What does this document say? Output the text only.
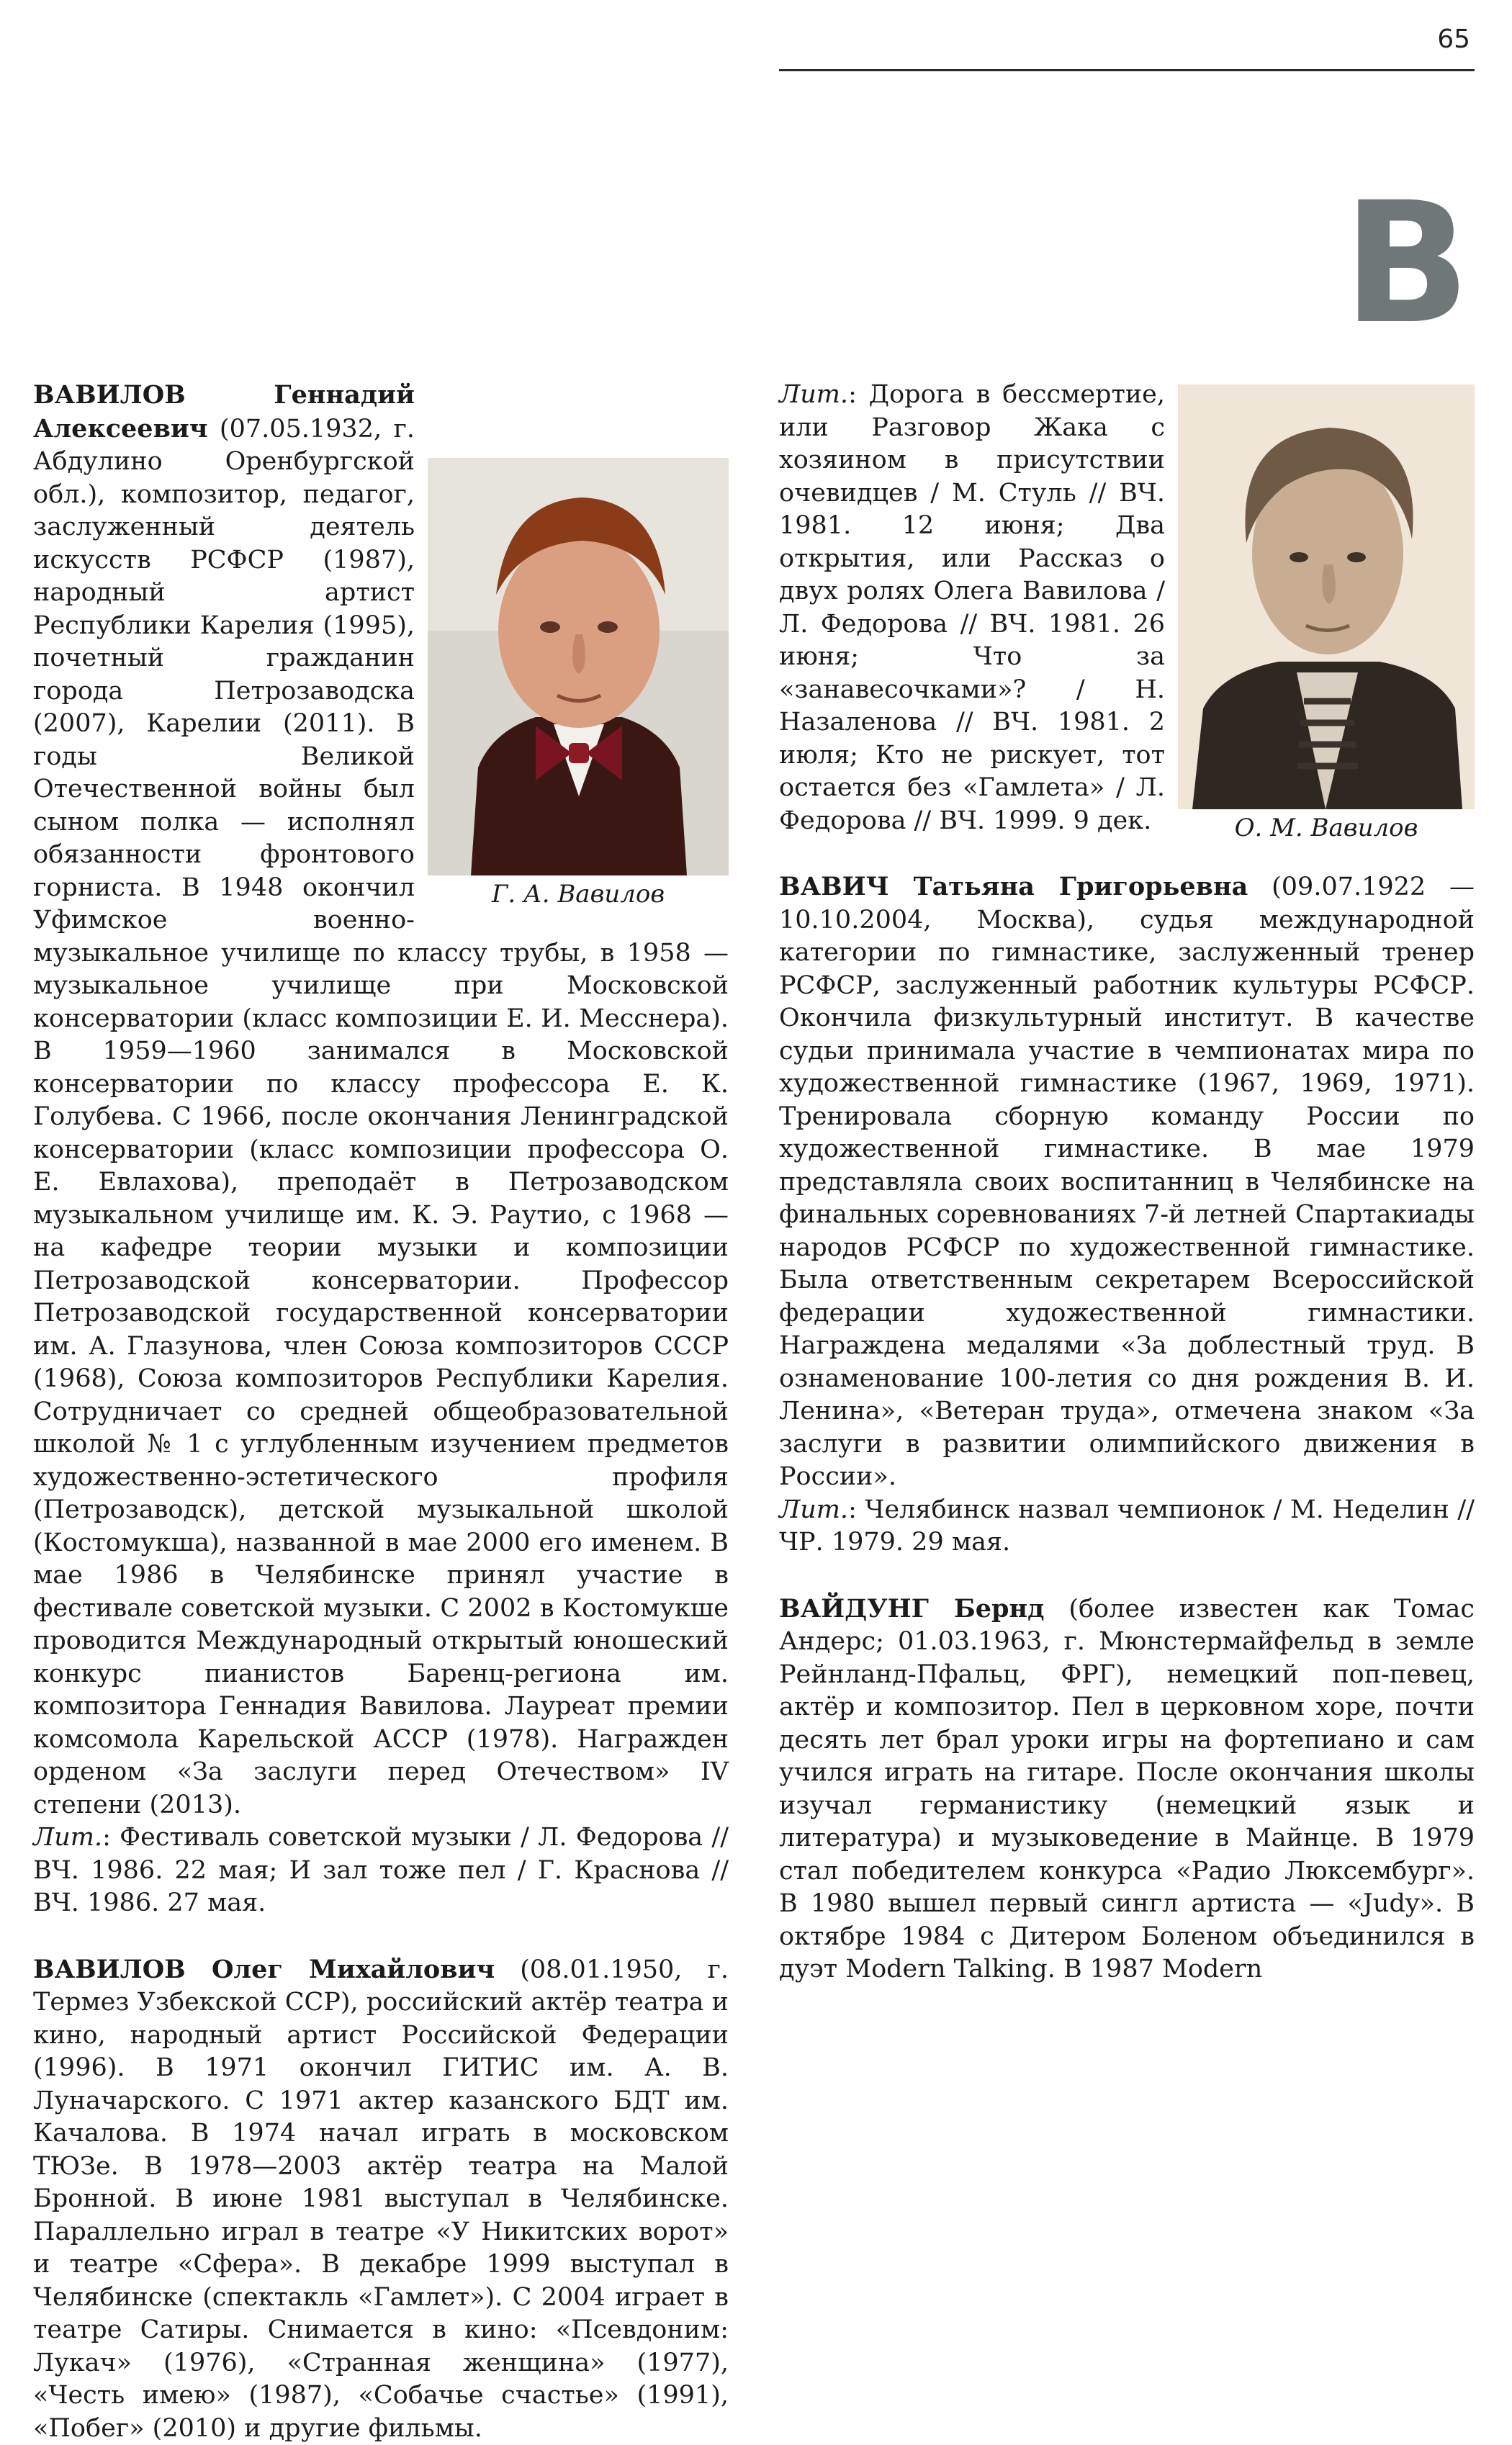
65
В
Г. А. Вавилов

ВАВИЛОВ Геннадий Алексеевич (07.05.1932, г. Абдулино Оренбургской обл.), композитор, педагог, заслуженный деятель искусств РСФСР (1987), народный артист Республики Карелия (1995), почетный гражданин города Петрозаводска (2007), Карелии (2011). В годы Великой Отечественной войны был сыном полка — исполнял обязанности фронтового горниста. В 1948 окончил Уфимское военно-музыкальное училище по классу трубы, в 1958 — музыкальное училище при Московской консерватории (класс композиции Е. И. Месснера). В 1959—1960 занимался в Московской консерватории по классу профессора Е. К. Голубева. С 1966, после окончания Ленинградской консерватории (класс композиции профессора О. Е. Евлахова), преподаёт в Петрозаводском музыкальном училище им. К. Э. Раутио, с 1968 — на кафедре теории музыки и композиции Петрозаводской консерватории. Профессор Петрозаводской государственной консерватории им. А. Глазунова, член Союза композиторов СССР (1968), Союза композиторов Республики Карелия. Сотрудничает со средней общеобразовательной школой № 1 с углубленным изучением предметов художественно-эстетического профиля (Петрозаводск), детской музыкальной школой (Костомукша), названной в мае 2000 его именем. В мае 1986 в Челябинске принял участие в фестивале советской музыки. С 2002 в Костомукше проводится Международный открытый юношеский конкурс пианистов Баренц-региона им. композитора Геннадия Вавилова. Лауреат премии комсомола Карельской АССР (1978). Награжден орденом «За заслуги перед Отечеством» IV степени (2013).

Лит.: Фестиваль советской музыки / Л. Федорова // ВЧ. 1986. 22 мая; И зал тоже пел / Г. Краснова // ВЧ. 1986. 27 мая.

ВАВИЛОВ Олег Михайлович (08.01.1950, г. Термез Узбекской ССР), российский актёр театра и кино, народный артист Российской Федерации (1996). В 1971 окончил ГИТИС им. А. В. Луначарского. С 1971 актер казанского БДТ им. Качалова. В 1974 начал играть в московском ТЮЗе. В 1978—2003 актёр театра на Малой Бронной. В июне 1981 выступал в Челябинске. Параллельно играл в театре «У Никитских ворот» и театре «Сфера». В декабре 1999 выступал в Челябинске (спектакль «Гамлет»). С 2004 играет в театре Сатиры. Снимается в кино: «Псевдоним: Лукач» (1976), «Странная женщина» (1977), «Честь имею» (1987), «Собачье счастье» (1991), «Побег» (2010) и другие фильмы.

О. М. Вавилов

Лит.: Дорога в бессмертие, или Разговор Жака с хозяином в присутствии очевидцев / М. Стуль // ВЧ. 1981. 12 июня; Два открытия, или Рассказ о двух ролях Олега Вавилова / Л. Федорова // ВЧ. 1981. 26 июня; Что за «занавесочками»? / Н. Назаленова // ВЧ. 1981. 2 июля; Кто не рискует, тот остается без «Гамлета» / Л. Федорова // ВЧ. 1999. 9 дек.

ВАВИЧ Татьяна Григорьевна (09.07.1922 — 10.10.2004, Москва), судья международной категории по гимнастике, заслуженный тренер РСФСР, заслуженный работник культуры РСФСР. Окончила физкультурный институт. В качестве судьи принимала участие в чемпионатах мира по художественной гимнастике (1967, 1969, 1971). Тренировала сборную команду России по художественной гимнастике. В мае 1979 представляла своих воспитанниц в Челябинске на финальных соревнованиях 7-й летней Спартакиады народов РСФСР по художественной гимнастике. Была ответственным секретарем Всероссийской федерации художественной гимнастики. Награждена медалями «За доблестный труд. В ознаменование 100-летия со дня рождения В. И. Ленина», «Ветеран труда», отмечена знаком «За заслуги в развитии олимпийского движения в России».

Лит.: Челябинск назвал чемпионок / М. Неделин // ЧР. 1979. 29 мая.

ВАЙДУНГ Бернд (более известен как Томас Андерс; 01.03.1963, г. Мюнстермайфельд в земле Рейнланд-Пфальц, ФРГ), немецкий поп-певец, актёр и композитор. Пел в церковном хоре, почти десять лет брал уроки игры на фортепиано и сам учился играть на гитаре. После окончания школы изучал германистику (немецкий язык и литература) и музыковедение в Майнце. В 1979 стал победителем конкурса «Радио Люксембург». В 1980 вышел первый сингл артиста — «Judy». В октябре 1984 с Дитером Боленом объединился в дуэт Modern Talking. В 1987 Modern
